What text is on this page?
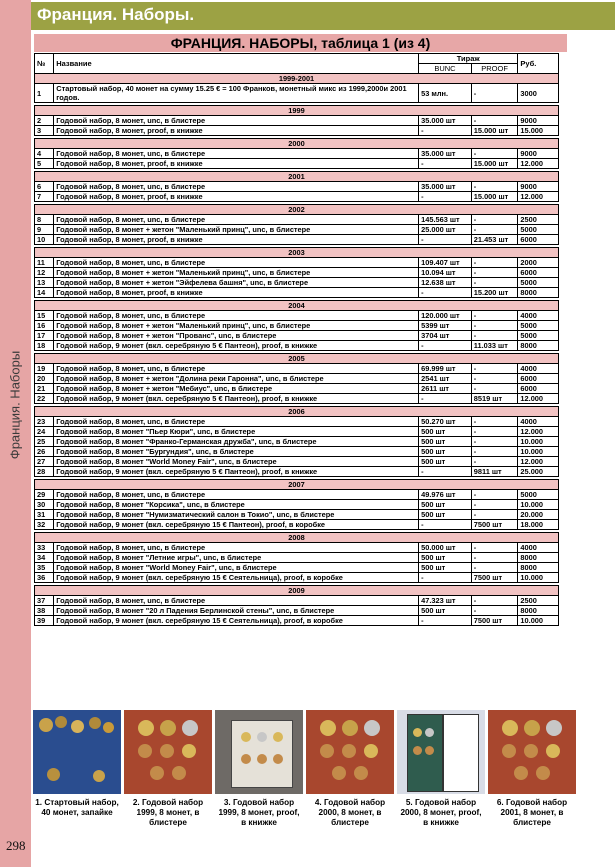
Франция. Наборы
298
Франция. Наборы.
ФРАНЦИЯ. НАБОРЫ, таблица 1 (из 4)
№	Название	Тираж		Руб.
		BUNC	PROOF	
1999-2001				
1	Стартовый набор, 40 монет на сумму 15.25 € = 100 Франков, монетный микс из 1999,2000и 2001 годов.	53 млн.	-	3000

1999				
2	Годовой набор, 8 монет, unc, в блистере	35.000 шт	-	9000
3	Годовой набор, 8 монет, proof, в книжке	-	15.000 шт	15.000

2000				
4	Годовой набор, 8 монет, unc, в блистере	35.000 шт	-	9000
5	Годовой набор, 8 монет, proof, в книжке	-	15.000 шт	12.000

2001				
6	Годовой набор, 8 монет, unc, в блистере	35.000 шт	-	9000
7	Годовой набор, 8 монет, proof, в книжке	-	15.000 шт	12.000

2002				
8	Годовой набор, 8 монет, unc, в блистере	145.563 шт	-	2500
9	Годовой набор, 8 монет + жетон "Маленький принц", unc, в блистере	25.000 шт	-	5000
10	Годовой набор, 8 монет, proof, в книжке	-	21.453 шт	6000

2003				
11	Годовой набор, 8 монет, unc, в блистере	109.407 шт	-	2000
12	Годовой набор, 8 монет + жетон "Маленький принц", unc, в блистере	10.094 шт	-	6000
13	Годовой набор, 8 монет + жетон "Эйфелева башня", unc, в блистере	12.638 шт	-	5000
14	Годовой набор, 8 монет, proof, в книжке	-	15.200 шт	8000

2004				
15	Годовой набор, 8 монет, unc, в блистере	120.000 шт	-	4000
16	Годовой набор, 8 монет + жетон "Маленький принц", unc, в блистере	5399 шт	-	5000
17	Годовой набор, 8 монет + жетон "Прованс", unc, в блистере	3704 шт	-	5000
18	Годовой набор, 9 монет (вкл. серебряную 5 € Пантеон), proof, в книжке	-	11.033 шт	8000

2005				
19	Годовой набор, 8 монет, unc, в блистере	69.999 шт	-	4000
20	Годовой набор, 8 монет + жетон "Долина реки Гаронна", unc, в блистере	2541 шт	-	6000
21	Годовой набор, 8 монет + жетон "Мебиус", unc, в блистере	2611 шт	-	6000
22	Годовой набор, 9 монет (вкл. серебряную 5 € Пантеон), proof, в книжке	-	8519 шт	12.000

2006				
23	Годовой набор, 8 монет, unc, в блистере	50.270 шт	-	4000
24	Годовой набор, 8 монет "Пьер Кюри", unc, в блистере	500 шт	-	12.000
25	Годовой набор, 8 монет "Франко-Германская дружба", unc, в блистере	500 шт	-	10.000
26	Годовой набор, 8 монет "Бургундия", unc, в блистере	500 шт	-	10.000
27	Годовой набор, 8 монет "World Money Fair", unc, в блистере	500 шт	-	12.000
28	Годовой набор, 9 монет (вкл. серебряную 5 € Пантеон), proof, в книжке	-	9811 шт	25.000

2007				
29	Годовой набор, 8 монет, unc, в блистере	49.976 шт	-	5000
30	Годовой набор, 8 монет "Корсика", unc, в блистере	500 шт	-	10.000
31	Годовой набор, 8 монет "Нумизматический салон в Токио", unc, в блистере	500 шт	-	20.000
32	Годовой набор, 9 монет (вкл. серебряную 15 € Пантеон), proof, в коробке	-	7500 шт	18.000

2008				
33	Годовой набор, 8 монет, unc, в блистере	50.000 шт	-	4000
34	Годовой набор, 8 монет "Летние игры", unc, в блистере	500 шт	-	8000
35	Годовой набор, 8 монет "World Money Fair", unc, в блистере	500 шт	-	8000
36	Годовой набор, 9 монет (вкл. серебряную 15 € Сеятельница), proof, в коробке	-	7500 шт	10.000

2009				
37	Годовой набор, 8 монет, unc, в блистере	47.323 шт	-	2500
38	Годовой набор, 8 монет "20 л Падения Берлинской стены", unc, в блистере	500 шт	-	8000
39	Годовой набор, 9 монет (вкл. серебряную 15 € Сеятельница), proof, в коробке	-	7500 шт	10.000
1. Стартовый набор, 40 монет, запайке
2. Годовой набор 1999, 8 монет, в блистере
3. Годовой набор 1999, 8 монет, proof, в книжке
4. Годовой набор 2000, 8 монет, в блистере
5. Годовой набор 2000, 8 монет, proof, в книжке
6. Годовой набор 2001, 8 монет, в блистере
